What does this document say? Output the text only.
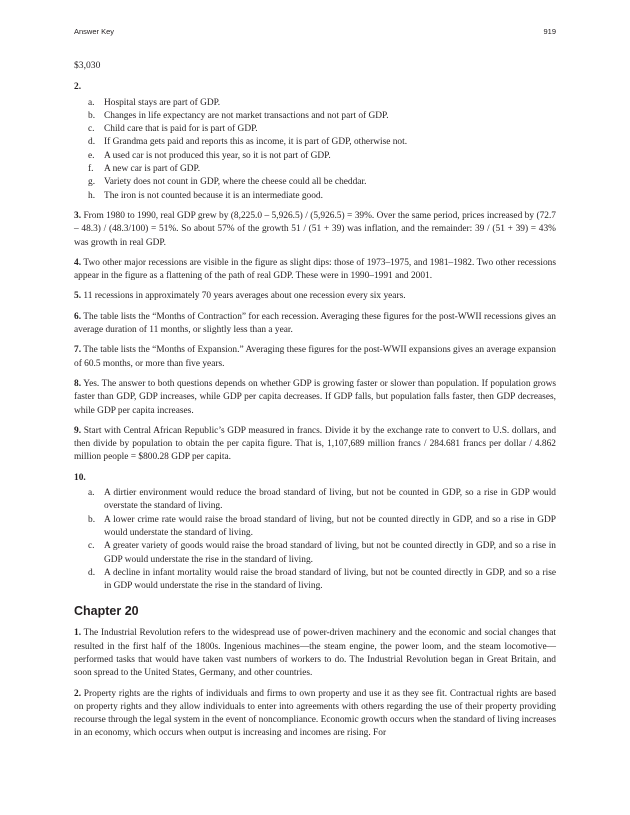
Answer Key	919
$3,030
2.
a. Hospital stays are part of GDP.
b. Changes in life expectancy are not market transactions and not part of GDP.
c. Child care that is paid for is part of GDP.
d. If Grandma gets paid and reports this as income, it is part of GDP, otherwise not.
e. A used car is not produced this year, so it is not part of GDP.
f. A new car is part of GDP.
g. Variety does not count in GDP, where the cheese could all be cheddar.
h. The iron is not counted because it is an intermediate good.

3. From 1980 to 1990, real GDP grew by (8,225.0 – 5,926.5) / (5,926.5) = 39%. Over the same period, prices increased by (72.7 – 48.3) / (48.3/100) = 51%. So about 57% of the growth 51 / (51 + 39) was inflation, and the remainder: 39 / (51 + 39) = 43% was growth in real GDP.

4. Two other major recessions are visible in the figure as slight dips: those of 1973–1975, and 1981–1982. Two other recessions appear in the figure as a flattening of the path of real GDP. These were in 1990–1991 and 2001.

5. 11 recessions in approximately 70 years averages about one recession every six years.

6. The table lists the “Months of Contraction” for each recession. Averaging these figures for the post-WWII recessions gives an average duration of 11 months, or slightly less than a year.

7. The table lists the “Months of Expansion.” Averaging these figures for the post-WWII expansions gives an average expansion of 60.5 months, or more than five years.

8. Yes. The answer to both questions depends on whether GDP is growing faster or slower than population. If population grows faster than GDP, GDP increases, while GDP per capita decreases. If GDP falls, but population falls faster, then GDP decreases, while GDP per capita increases.

9. Start with Central African Republic’s GDP measured in francs. Divide it by the exchange rate to convert to U.S. dollars, and then divide by population to obtain the per capita figure. That is, 1,107,689 million francs / 284.681 francs per dollar / 4.862 million people = $800.28 GDP per capita.

10.
a. A dirtier environment would reduce the broad standard of living, but not be counted in GDP, so a rise in GDP would overstate the standard of living.
b. A lower crime rate would raise the broad standard of living, but not be counted directly in GDP, and so a rise in GDP would understate the standard of living.
c. A greater variety of goods would raise the broad standard of living, but not be counted directly in GDP, and so a rise in GDP would understate the rise in the standard of living.
d. A decline in infant mortality would raise the broad standard of living, but not be counted directly in GDP, and so a rise in GDP would understate the rise in the standard of living.
Chapter 20

1. The Industrial Revolution refers to the widespread use of power-driven machinery and the economic and social changes that resulted in the first half of the 1800s. Ingenious machines—the steam engine, the power loom, and the steam locomotive—performed tasks that would have taken vast numbers of workers to do. The Industrial Revolution began in Great Britain, and soon spread to the United States, Germany, and other countries.

2. Property rights are the rights of individuals and firms to own property and use it as they see fit. Contractual rights are based on property rights and they allow individuals to enter into agreements with others regarding the use of their property providing recourse through the legal system in the event of noncompliance. Economic growth occurs when the standard of living increases in an economy, which occurs when output is increasing and incomes are rising. For
